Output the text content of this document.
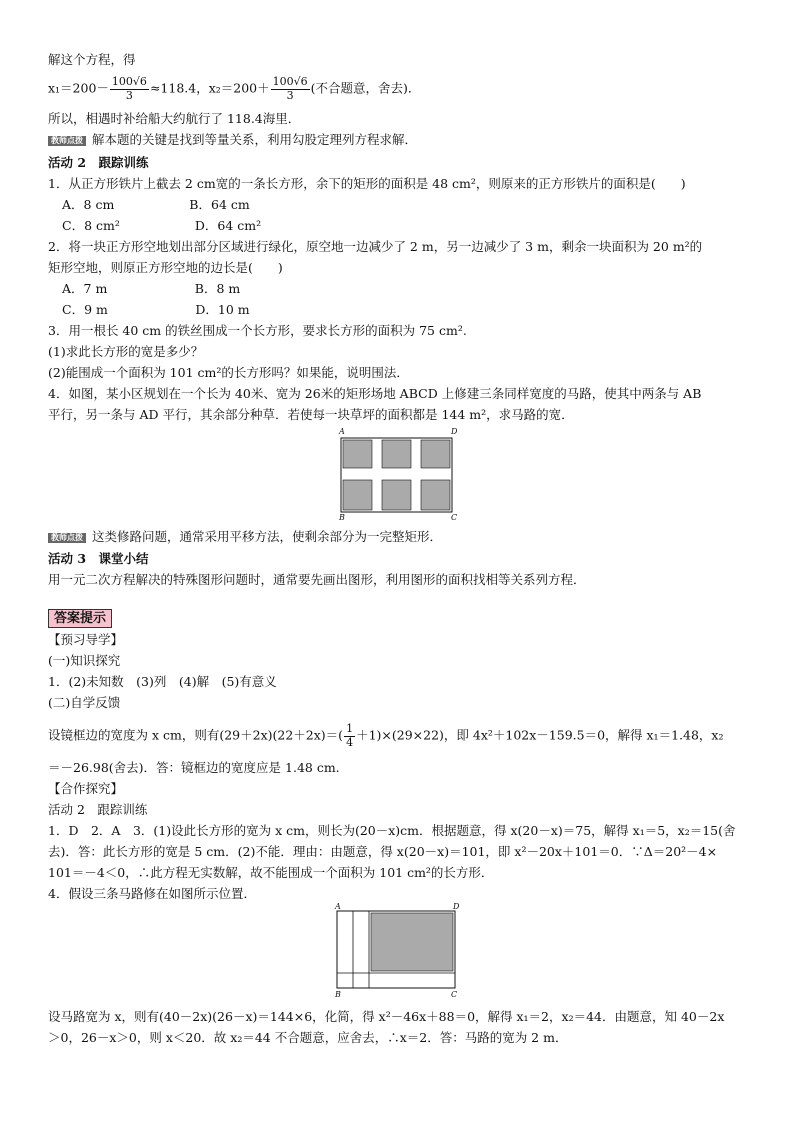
解这个方程，得
$x_1=200- \frac{100√6}{3} \approx 118.4$，$x_2=200+ \frac{100√6}{3}$ (不合题意，舍去)．
所以，相遇时补给船大约航行了 118.4海里．
教师点拨 解本题的关键是找到等量关系，利用勾股定理列方程求解．
活动 2　跟踪训练
1．从正方形铁片上截去 2 cm宽的一条长方形，余下的矩形的面积是 48 cm²，则原来的正方形铁片的面积是(　　)
A．8 cm　　　　　　B．64 cm
C．8 cm²　　　　　　D．64 cm²
2．将一块正方形空地划出部分区域进行绿化，原空地一边减少了 2 m，另一边减少了 3 m，剩余一块面积为 20 m²的
矩形空地，则原正方形空地的边长是(　　)
A．7 m　　　　　　　B．8 m
C．9 m　　　　　　　D．10 m
3．用一根长 40 cm 的铁丝围成一个长方形，要求长方形的面积为 75 cm².
(1)求此长方形的宽是多少？
(2)能围成一个面积为 101 cm²的长方形吗？如果能，说明围法．
4．如图，某小区规划在一个长为 40米、宽为 26米的矩形场地 ABCD 上修建三条同样宽度的马路，使其中两条与 AB
平行，另一条与 AD 平行，其余部分种草．若使每一块草坪的面积都是 144 m²，求马路的宽．
A	D
B	C
教师点拨 这类修路问题，通常采用平移方法，使剩余部分为一完整矩形．
活动 3　课堂小结
用一元二次方程解决的特殊图形问题时，通常要先画出图形，利用图形的面积找相等关系列方程．
答案提示
【预习导学】
(一)知识探究
1．(2)未知数　(3)列　(4)解　(5)有意义
(二)自学反馈
设镜框边的宽度为 x cm，则有$(29+2x)(22+2x)=( \frac{1}{4} +1)\times(29\times 22)$，即 4x²＋102x－159.5＝0，解得 x₁＝1.48，x₂
＝－26.98(舍去)．答：镜框边的宽度应是 1.48 cm.
【合作探究】
活动 2　跟踪训练
1．D　2．A　3．(1)设此长方形的宽为 x cm，则长为(20－x)cm．根据题意，得 x(20－x)＝75，解得 x₁＝5，x₂＝15(舍
去)．答：此长方形的宽是 5 cm．(2)不能．理由：由题意，得 x(20－x)＝101，即 x²－20x＋101＝0．∵Δ＝20²－4×
101＝－4＜0，∴此方程无实数解，故不能围成一个面积为 101 cm²的长方形．
4．假设三条马路修在如图所示位置．
A	D
B	C
设马路宽为 x，则有(40－2x)(26－x)＝144×6，化简，得 x²－46x＋88＝0，解得 x₁＝2，x₂＝44．由题意，知 40－2x
＞0，26－x＞0，则 x＜20．故 x₂＝44 不合题意，应舍去，∴x＝2．答：马路的宽为 2 m．
